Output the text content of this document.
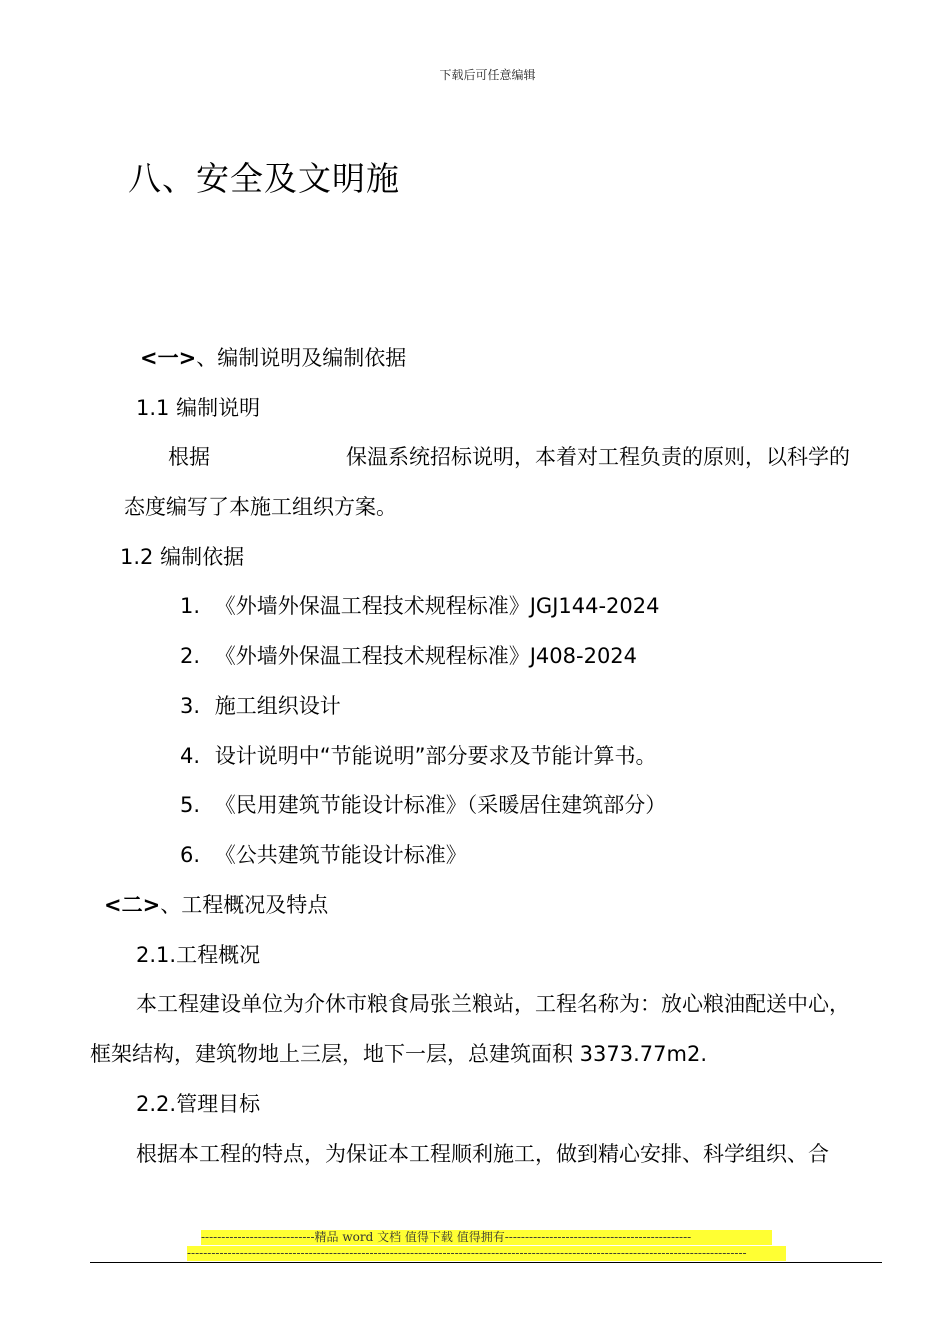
下载后可任意编辑
八、安全及文明施
<一>、编制说明及编制依据
1.1 编制说明
根据	保温系统招标说明，本着对工程负责的原则，以科学的
态度编写了本施工组织方案。
1.2 编制依据
1. 《外墙外保温工程技术规程标准》JGJ144-2024
2. 《外墙外保温工程技术规程标准》J408-2024
3. 施工组织设计
4. 设计说明中“节能说明”部分要求及节能计算书。
5. 《民用建筑节能设计标准》（采暖居住建筑部分）
6. 《公共建筑节能设计标准》
<二>、工程概况及特点
2.1.工程概况
本工程建设单位为介休市粮食局张兰粮站，工程名称为：放心粮油配送中心，
框架结构，建筑物地上三层，地下一层，总建筑面积 3373.77m2.
2.2.管理目标
根据本工程的特点，为保证本工程顺利施工，做到精心安排、科学组织、合
----------------------------精品 word 文档 值得下载 值得拥有----------------------------------------------
------------------------------------------------------------------------------------------------------------------------------------------
